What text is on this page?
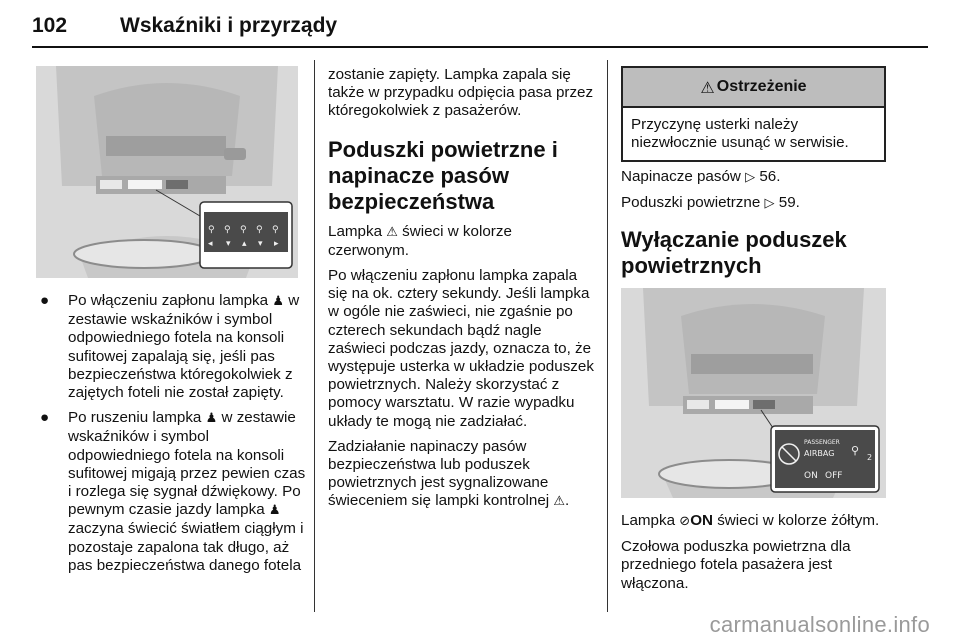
102	Wskaźniki i przyrządy
⚲ ⚲ ⚲ ⚲ ⚲
◂ ▾ ▴ ▾ ▸
● Po włączeniu zapłonu lampka ♟ w zestawie wskaźników i symbol odpowiedniego fotela na konsoli sufitowej zapalają się, jeśli pas bezpieczeństwa któregokolwiek z zajętych foteli nie został zapięty.
● Po ruszeniu lampka ♟ w zestawie wskaźników i symbol odpowiedniego fotela na konsoli sufitowej migają przez pewien czas i rozlega się sygnał dźwiękowy. Po pewnym czasie jazdy lampka ♟ zaczyna świecić światłem ciągłym i pozostaje zapalona tak długo, aż pas bezpieczeństwa danego fotela

zostanie zapięty. Lampka zapala się także w przypadku odpięcia pasa przez któregokolwiek z pasażerów.

Poduszki powietrzne i napinacze pasów bezpieczeństwa

Lampka ⚠ świeci w kolorze czerwonym.

Po włączeniu zapłonu lampka zapala się na ok. cztery sekundy. Jeśli lampka w ogóle nie zaświeci, nie zgaśnie po czterech sekundach bądź nagle zaświeci podczas jazdy, oznacza to, że występuje usterka w układzie poduszek powietrznych. Należy skorzystać z pomocy warsztatu. W razie wypadku układy te mogą nie zadziałać.

Zadziałanie napinaczy pasów bezpieczeństwa lub poduszek powietrznych jest sygnalizowane świeceniem się lampki kontrolnej ⚠.

⚠ Ostrzeżenie
Przyczynę usterki należy niezwłocznie usunąć w serwisie.

Napinacze pasów ▷ 56.

Poduszki powietrzne ▷ 59.

Wyłączanie poduszek powietrznych
PASSENGER
AIRBAG
ON OFF
⚲
2

Lampka ⊘ON świeci w kolorze żółtym.

Czołowa poduszka powietrzna dla przedniego fotela pasażera jest włączona.

carmanualsonline.info
